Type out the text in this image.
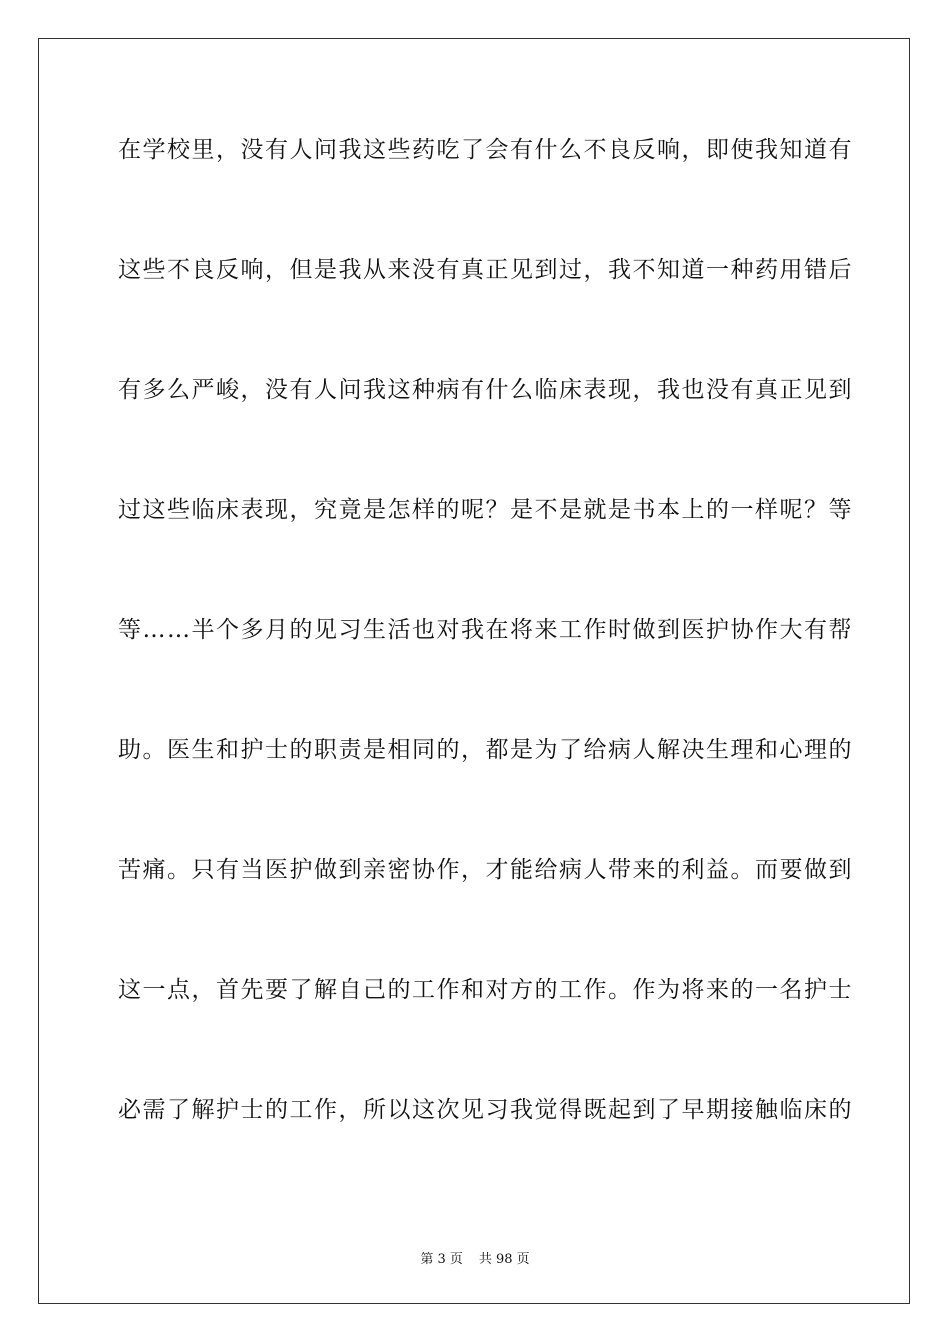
在学校里，没有人问我这些药吃了会有什么不良反响，即使我知道有
这些不良反响，但是我从来没有真正见到过，我不知道一种药用错后
有多么严峻，没有人问我这种病有什么临床表现，我也没有真正见到
过这些临床表现，究竟是怎样的呢？是不是就是书本上的一样呢？等
等……半个多月的见习生活也对我在将来工作时做到医护协作大有帮
助。医生和护士的职责是相同的，都是为了给病人解决生理和心理的
苦痛。只有当医护做到亲密协作，才能给病人带来的利益。而要做到
这一点，首先要了解自己的工作和对方的工作。作为将来的一名护士
必需了解护士的工作，所以这次见习我觉得既起到了早期接触临床的
第 3 页 共 98 页
